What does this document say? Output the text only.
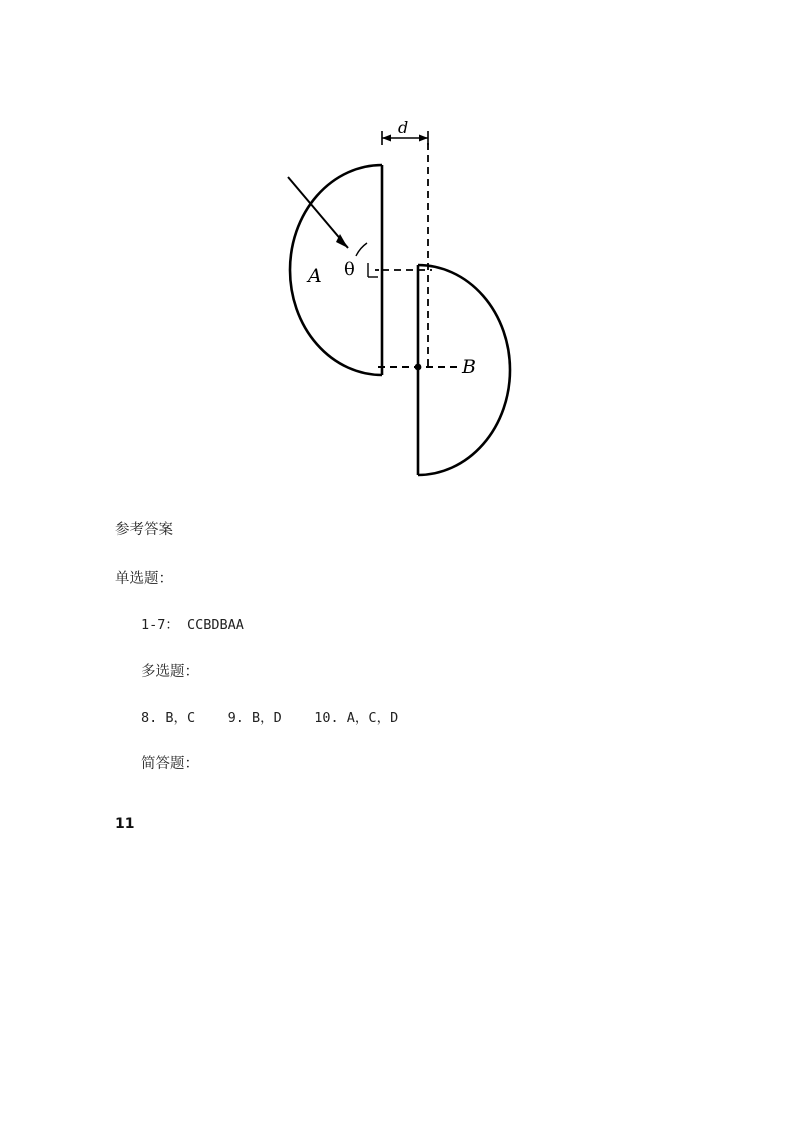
d
A
B
θ
参考答案
单选题：
1-7： CCBDBAA
多选题：
8. B，C    9. B，D    10. A，C，D
简答题：
11
